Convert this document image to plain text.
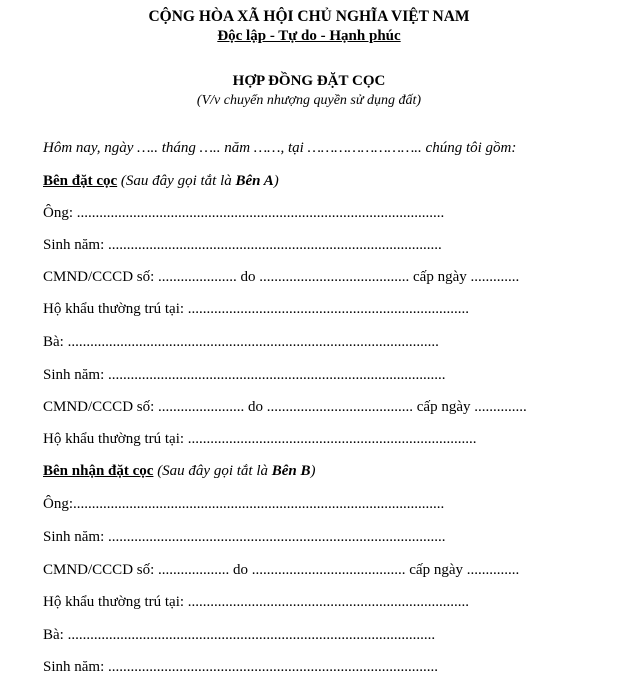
CỘNG HÒA XÃ HỘI CHỦ NGHĨA VIỆT NAM
Độc lập - Tự do - Hạnh phúc
HỢP ĐỒNG ĐẶT CỌC
(V/v chuyển nhượng quyền sử dụng đất)
Hôm nay, ngày ….. tháng ….. năm ……, tại …………………….. chúng tôi gồm:
Bên đặt cọc (Sau đây gọi tắt là Bên A)
Ông: ..................................................................................................
Sinh năm: .........................................................................................
CMND/CCCD số: ..................... do ........................................ cấp ngày .............
Hộ khẩu thường trú tại: ...........................................................................
Bà: ...................................................................................................
Sinh năm: ..........................................................................................
CMND/CCCD số: ....................... do ....................................... cấp ngày ..............
Hộ khẩu thường trú tại: .............................................................................
Bên nhận đặt cọc (Sau đây gọi tắt là Bên B)
Ông:...................................................................................................
Sinh năm: ..........................................................................................
CMND/CCCD số: ................... do ......................................... cấp ngày ..............
Hộ khẩu thường trú tại: ...........................................................................
Bà: ..................................................................................................
Sinh năm: ........................................................................................
